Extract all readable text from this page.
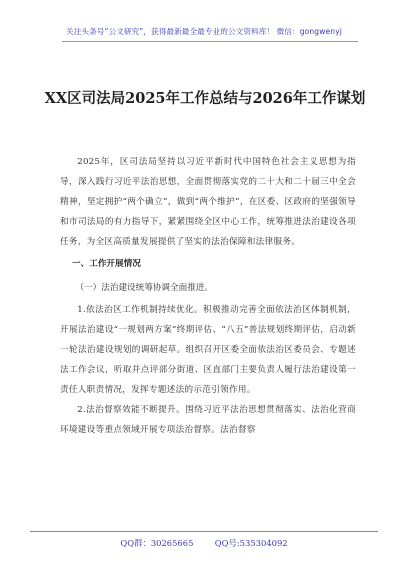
关注头条号“公文研究”，获得最新最全最专业的公文资料库！ 微信：gongwenyj
XX区司法局2025年工作总结与2026年工作谋划

2025年，区司法局坚持以习近平新时代中国特色社会主义思想为指导，深入践行习近平法治思想，全面贯彻落实党的二十大和二十届三中全会精神，坚定拥护“两个确立”，做到“两个维护”，在区委、区政府的坚强领导和市司法局的有力指导下，紧紧围绕全区中心工作，统筹推进法治建设各项任务，为全区高质量发展提供了坚实的法治保障和法律服务。

一、工作开展情况

（一）法治建设统筹协调全面推进。

1.依法治区工作机制持续优化。积极推动完善全面依法治区体制机制，开展法治建设“一规划两方案”终期评估、“八五”普法规划终期评估，启动新一轮法治建设规划的调研起草。组织召开区委全面依法治区委员会、专题述法工作会议，听取并点评部分街道、区直部门主要负责人履行法治建设第一责任人职责情况，发挥专题述法的示范引领作用。

2.法治督察效能不断提升。围绕习近平法治思想贯彻落实、法治化营商环境建设等重点领域开展专项法治督察。法治督察

QQ群：30265665        QQ号:535304092
